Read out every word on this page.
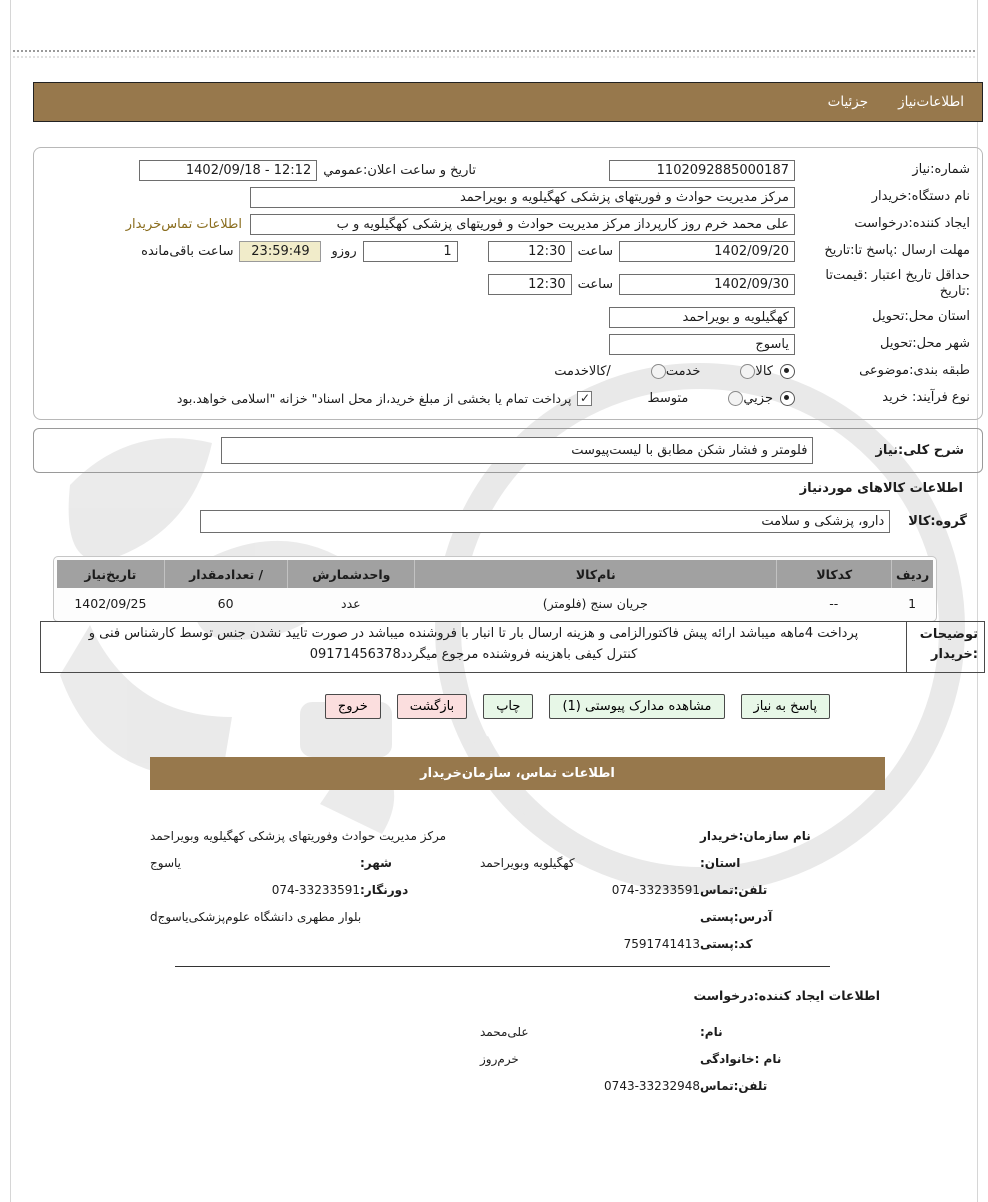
اطلاعات‌نیاز
جزئیات
شماره:نیاز
1102092885000187
تاریخ و ساعت اعلان:عمومي
1402/09/18 - 12:12
نام دستگاه:خریدار
مرکز مدیریت حوادث و فوریتهای پزشکی کهگیلویه و بویراحمد
ایجاد کننده:درخواست
علی محمد خرم روز کارپرداز مرکز مدیریت حوادث و فوریتهای پزشکی کهگیلویه و ب
اطلاعات تماس‌خریدار
مهلت ارسال :پاسخ تا:تاریخ
1402/09/20
ساعت
12:30
1
روزو
23:59:49
ساعت باقی‌مانده
حداقل تاریخ اعتبار :قیمت‌تا :تاریخ
1402/09/30
ساعت
12:30
استان محل:تحویل
کهگیلویه و بویراحمد
شهر محل:تحویل
یاسوج
طبقه بندی:موضوعی
کالا
خدمت
/کالاخدمت
نوع فرآیند: خرید
جزیي
متوسط
✓
پرداخت تمام یا بخشی از مبلغ خرید،از محل اسناد" خزانه "اسلامی خواهد.بود
شرح کلی:نیاز
فلومتر و فشار شکن مطابق با لیست‌پیوست
اطلاعات کالاهای موردنیاز
گروه:کالا
دارو، پزشکی و سلامت
ردیف
کدکالا
نام‌کالا
واحدشمارش
/ تعدادمقدار
تاریخ‌نیاز
1
--
جریان سنج (فلومتر)
عدد
60
1402/09/25
توضیحات :خریدار
پرداخت 4ماهه میباشد ارائه پیش فاکتورالزامی و هزینه ارسال بار تا انبار با فروشنده میباشد در صورت تایید نشدن جنس توسط کارشناس فنی و
کنترل کیفی باهزینه فروشنده مرجوع میگردد09171456378
پاسخ به نیاز
مشاهده مدارک پیوستی (1)
چاپ
بازگشت
خروج
اطلاعات تماس، سازمان‌خریدار
نام سازمان:خریدار
مرکز مدیریت حوادث وفوریتهای پزشکی کهگیلویه وبویراحمد
استان:
کهگیلویه وبویراحمد
شهر:
یاسوج
تلفن:تماس
074-33233591
دورنگار:
074-33233591
آدرس:پستی
بلوار مطهری دانشگاه علوم‌پزشکی‌یاسوجd
کد:پستی
7591741413
اطلاعات ایجاد کننده:درخواست
نام:
علی‌محمد
نام :خانوادگی
خرم‌روز
تلفن:تماس
0743-33232948
